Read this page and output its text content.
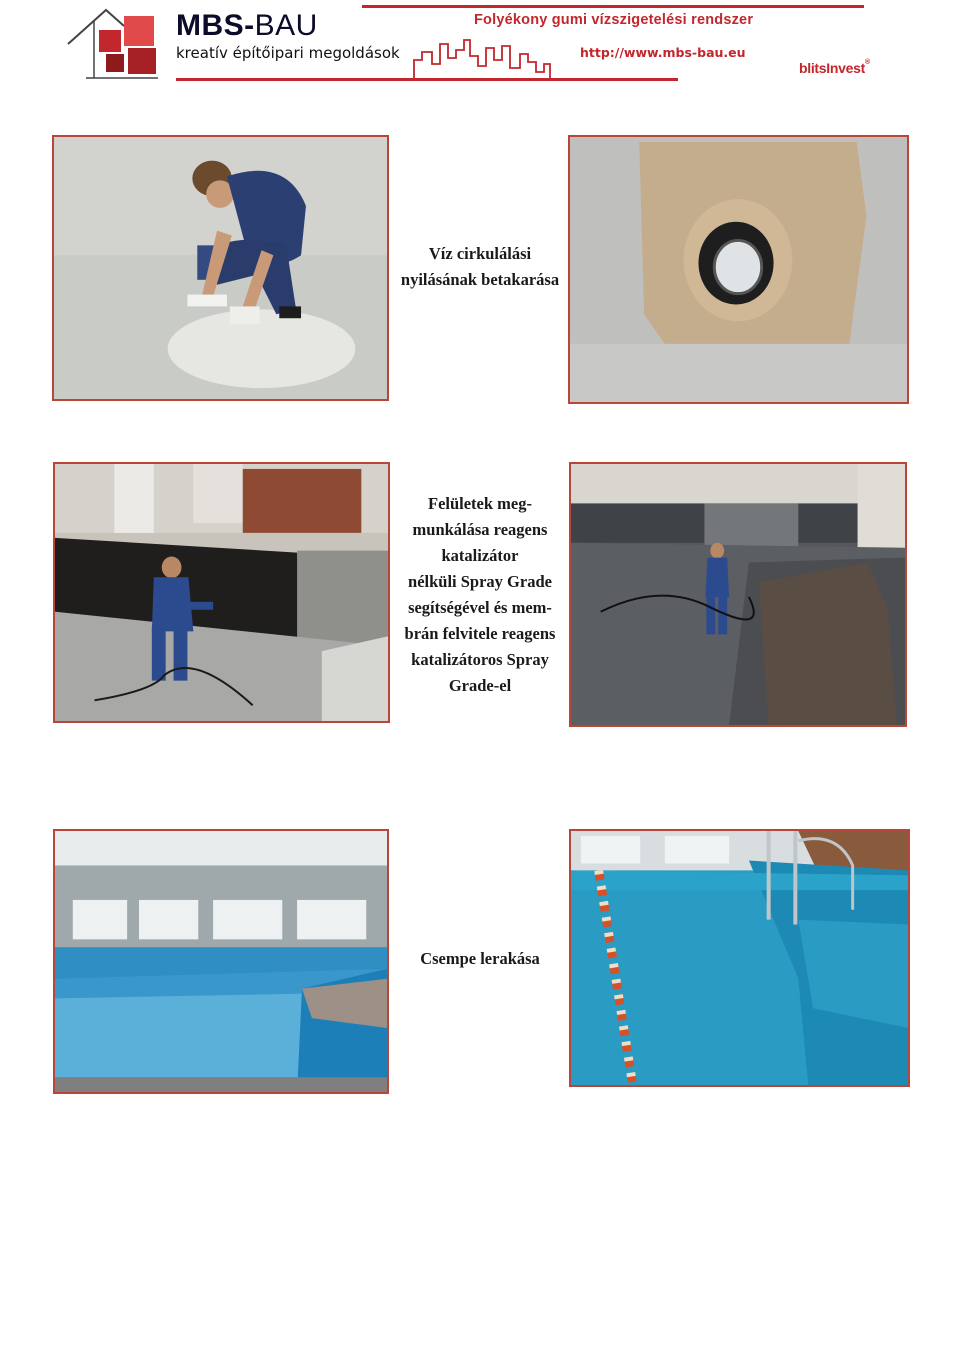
MBS-BAU
kreatív építőipari megoldások
Folyékony gumi vízszigetelési rendszer
http://www.mbs-bau.eu
blitsInvest®
Víz cirkulálási
nyilásának betakarása
Felületek meg-
munkálása reagens
katalizátor
nélküli Spray Grade
segítségével és mem-
brán felvitele reagens
katalizátoros Spray
Grade-el
Csempe lerakása
